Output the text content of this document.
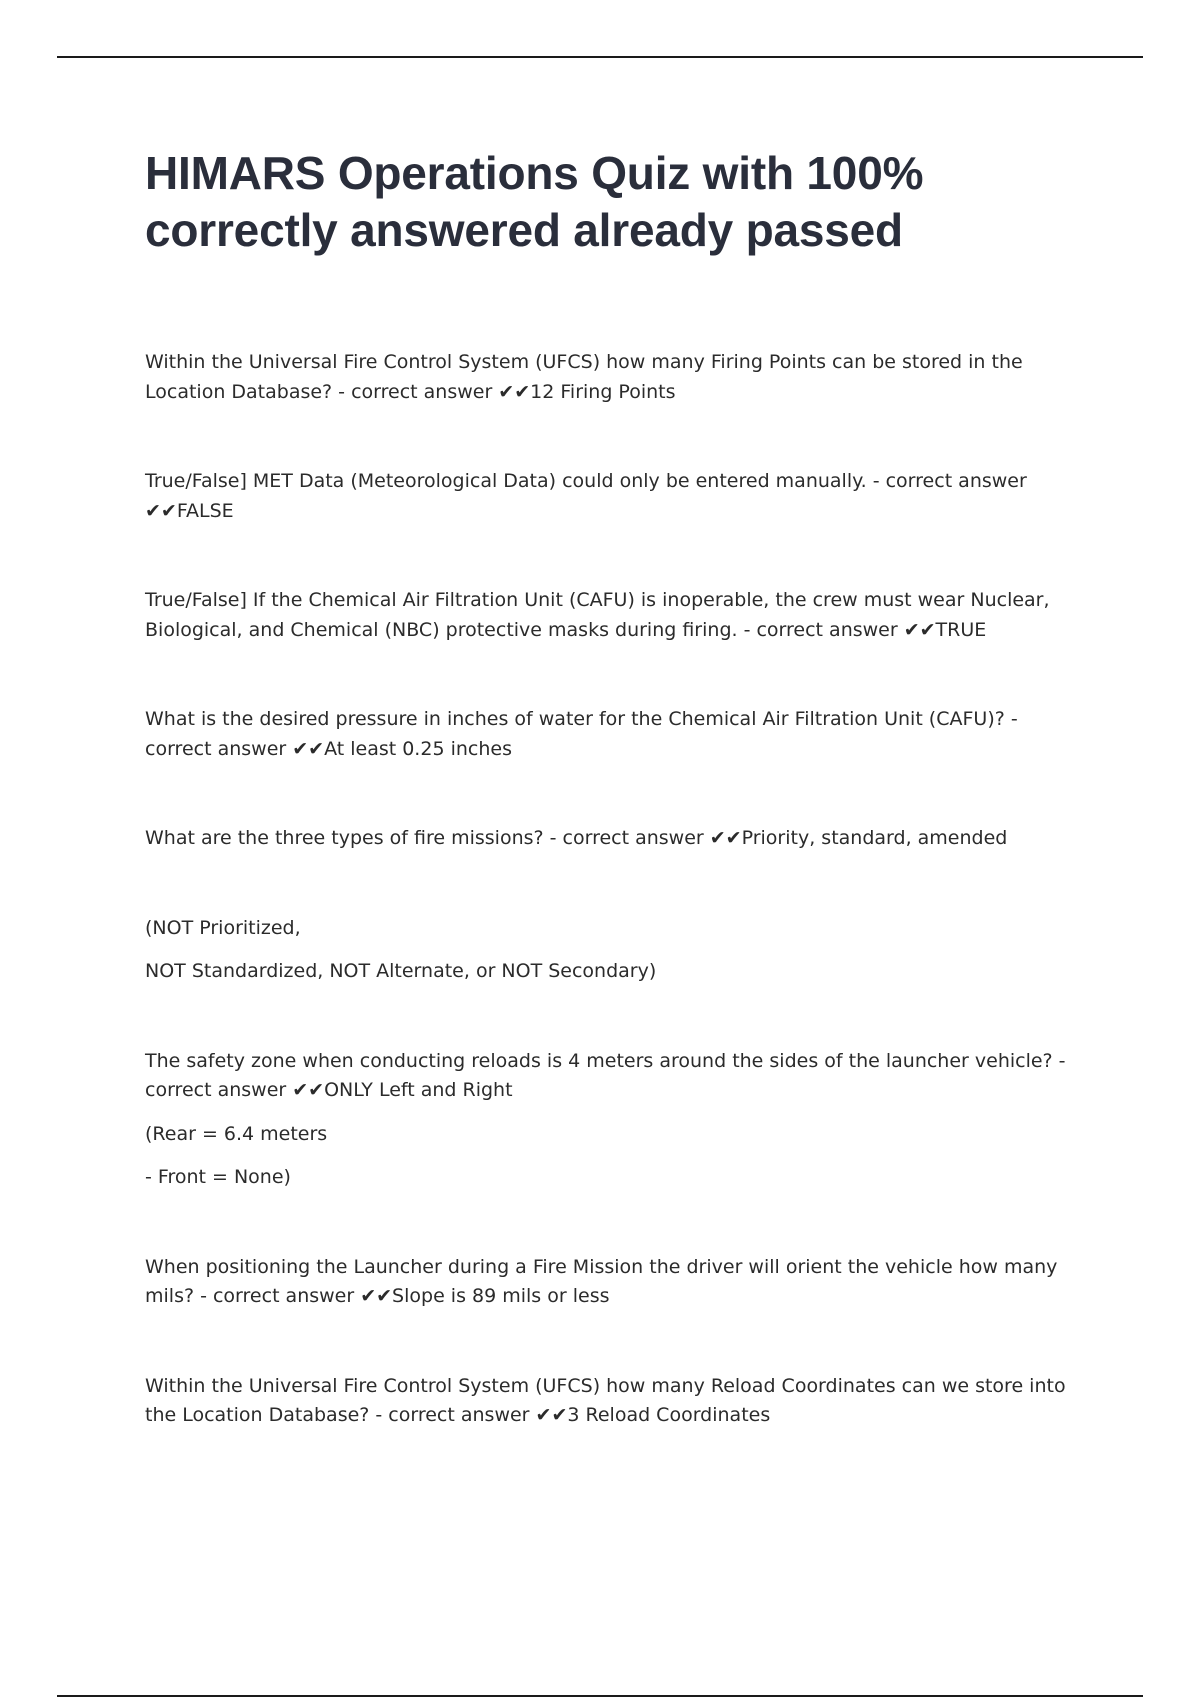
HIMARS Operations Quiz with 100% correctly answered already passed

Within the Universal Fire Control System (UFCS) how many Firing Points can be stored in the Location Database? - correct answer ✔✔12 Firing Points

True/False] MET Data (Meteorological Data) could only be entered manually. - correct answer ✔✔FALSE

True/False] If the Chemical Air Filtration Unit (CAFU) is inoperable, the crew must wear Nuclear, Biological, and Chemical (NBC) protective masks during firing. - correct answer ✔✔TRUE

What is the desired pressure in inches of water for the Chemical Air Filtration Unit (CAFU)? - correct answer ✔✔At least 0.25 inches

What are the three types of fire missions? - correct answer ✔✔Priority, standard, amended

(NOT Prioritized,

NOT Standardized, NOT Alternate, or NOT Secondary)

The safety zone when conducting reloads is 4 meters around the sides of the launcher vehicle? - correct answer ✔✔ONLY Left and Right

(Rear = 6.4 meters

- Front = None)

When positioning the Launcher during a Fire Mission the driver will orient the vehicle how many mils? - correct answer ✔✔Slope is 89 mils or less

Within the Universal Fire Control System (UFCS) how many Reload Coordinates can we store into the Location Database? - correct answer ✔✔3 Reload Coordinates
